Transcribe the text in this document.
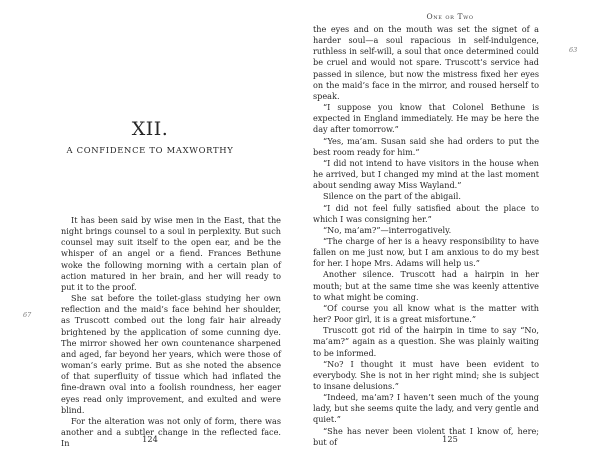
XII.
A CONFIDENCE TO MAXWORTHY

It has been said by wise men in the East, that the night brings counsel to a soul in perplexity. But such counsel may suit itself to the open ear, and be the whisper of an angel or a fiend. Frances Bethune woke the following morning with a certain plan of action matured in her brain, and her will ready to put it to the proof.

She sat before the toilet-glass studying her own reflection and the maid’s face behind her shoulder, as Truscott combed out the long fair hair already brightened by the application of some cunning dye. The mirror showed her own countenance sharpened and aged, far beyond her years, which were those of woman’s early prime. But as she noted the absence of that superfluity of tissue which had inflated the fine-drawn oval into a foolish roundness, her eager eyes read only improvement, and exulted and were blind.

For the alteration was not only of form, there was another and a subtler change in the reflected face. In

67
124
One or Two

the eyes and on the mouth was set the signet of a harder soul—a soul rapacious in self-indulgence, ruthless in self-will, a soul that once determined could be cruel and would not spare. Truscott’s service had passed in silence, but now the mistress fixed her eyes on the maid’s face in the mirror, and roused herself to speak.

“I suppose you know that Colonel Bethune is expected in England immediately. He may be here the day after tomorrow.”

“Yes, ma’am. Susan said she had orders to put the best room ready for him.”

“I did not intend to have visitors in the house when he arrived, but I changed my mind at the last moment about sending away Miss Wayland.”

Silence on the part of the abigail.

“I did not feel fully satisfied about the place to which I was consigning her.”

“No, ma’am?”—interrogatively.

“The charge of her is a heavy responsibility to have fallen on me just now, but I am anxious to do my best for her. I hope Mrs. Adams will help us.”

Another silence. Truscott had a hairpin in her mouth; but at the same time she was keenly attentive to what might be coming.

“Of course you all know what is the matter with her? Poor girl, it is a great misfortune.”

Truscott got rid of the hairpin in time to say “No, ma’am?” again as a question. She was plainly waiting to be informed.

“No? I thought it must have been evident to everybody. She is not in her right mind; she is subject to insane delusions.”

“Indeed, ma’am? I haven’t seen much of the young lady, but she seems quite the lady, and very gentle and quiet.”

“She has never been violent that I know of, here; but of

63
125
